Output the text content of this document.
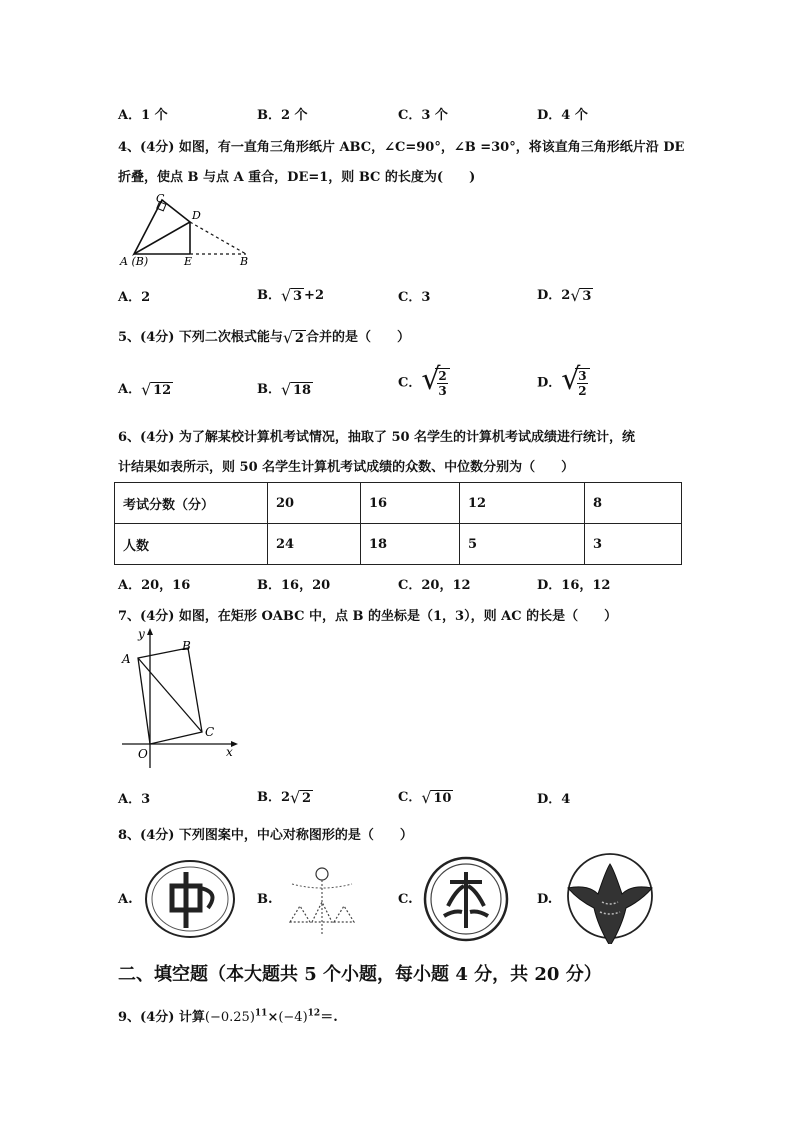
A．1 个	B．2 个	C．3 个	D．4 个
4、(4分) 如图，有一直角三角形纸片 ABC，∠C=90°，∠B =30°，将该直角三角形纸片沿 DE
折叠，使点 B 与点 A 重合，DE=1，则 BC 的长度为(　　)
C
D
A (B)	E	B
A．2	B． √ 3 +2	C．3	D．2 √ 3
5、(4分) 下列二次根式能与 √ 2 合并的是（　　）
A． √ 12	B． √ 18	C． √
$\frac{2}{3}$	D． √
$\frac{3}{2}$
6、(4分) 为了解某校计算机考试情况，抽取了 50 名学生的计算机考试成绩进行统计，统
计结果如表所示，则 50 名学生计算机考试成绩的众数、中位数分别为（　　）
考试分数（分）	20	16	12	8
人数	24	18	5	3
A．20，16	B．16，20	C．20，12	D．16，12
7、(4分) 如图，在矩形 OABC 中，点 B 的坐标是（1，3），则 AC 的长是（　　）
y
A
B
C
O	x
A．3	B．2 √ 2	C． √ 10	D．4
8、(4分) 下列图案中，中心对称图形的是（　　）
A.	B.	C.	D.
二、填空题（本大题共 5 个小题，每小题 4 分，共 20 分）
9、(4分) 计算$(-0.25)^{11}\times(-4)^{12}=$.
